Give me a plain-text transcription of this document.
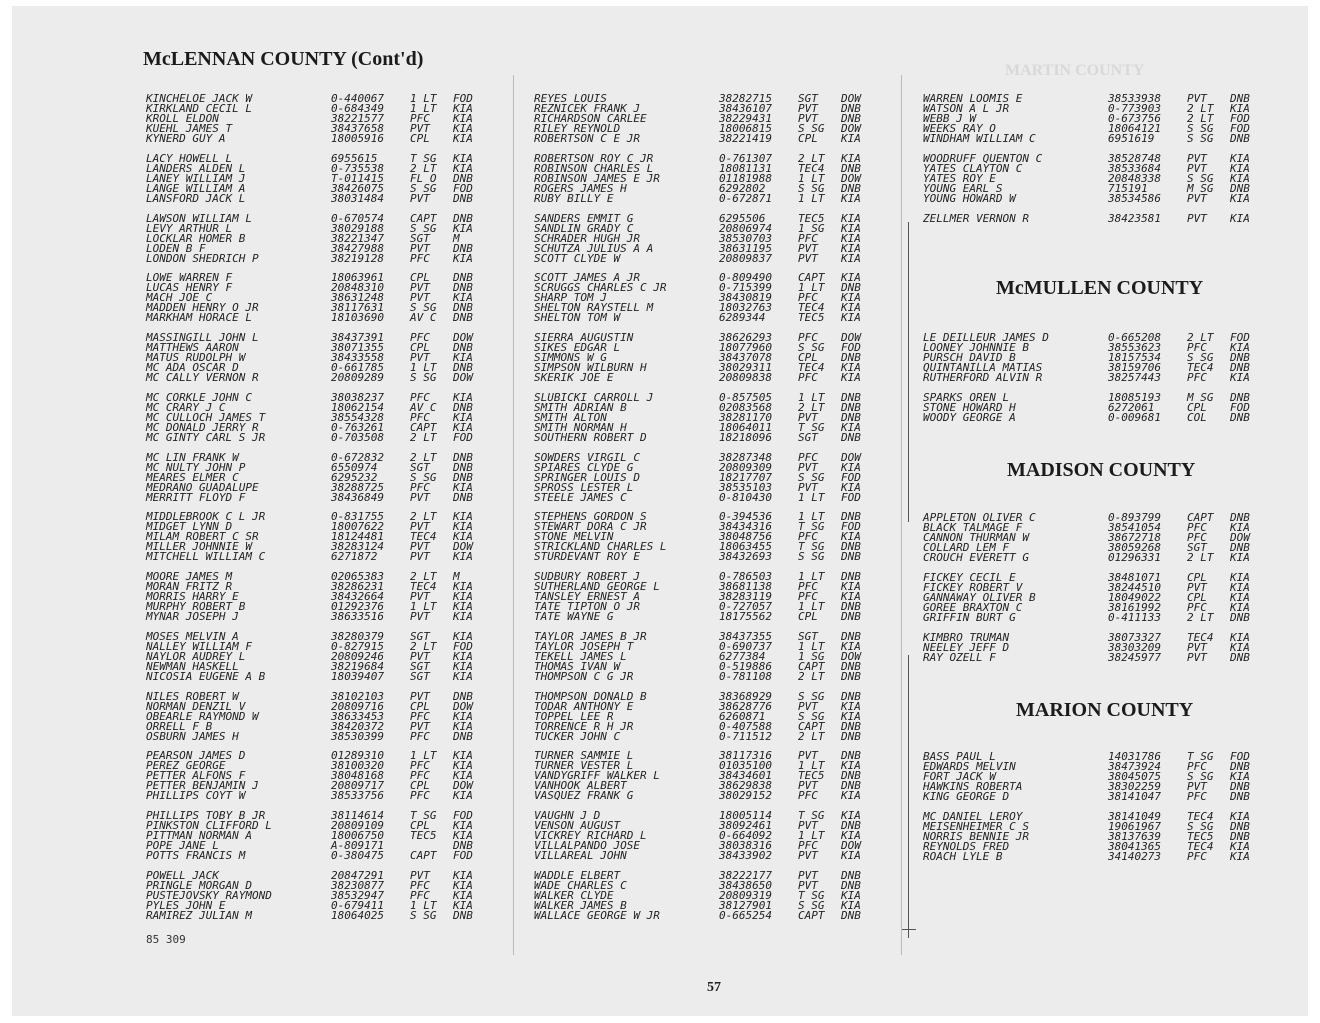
MARTIN COUNTY
McLENNAN COUNTY (Cont'd)
McMULLEN COUNTY
MADISON COUNTY
MARION COUNTY
KINCHELOE JACK W	0-440067 1 LT FOD
KIRKLAND CECIL L	0-684349 1 LT KIA
KROLL ELDON	38221577 PFC KIA
KUEHL JAMES T	38437658 PVT KIA
KYNERD GUY A	18005916 CPL KIA
LACY HOWELL L	6955615	T SG KIA
LANDERS ALDEN L	0-735538 2 LT KIA
LANEY WILLIAM J	T-011415 FL O DNB
LANGE WILLIAM A	38426075 S SG FOD
LANSFORD JACK L	38031484 PVT DNB
LAWSON WILLIAM L	0-670574 CAPT DNB
LEVY ARTHUR L	38029188 S SG KIA
LOCKLAR HOMER B	38221347 SGT M
LODEN B F	38427988 PVT DNB
LONDON SHEDRICH P	38219128 PFC KIA
LOWE WARREN F	18063961 CPL DNB
LUCAS HENRY F	20848310 PVT DNB
MACH JOE C	38631248 PVT KIA
MADDEN HENRY O JR	38117631 S SG DNB
MARKHAM HORACE L	18103690 AV C DNB
MASSINGILL JOHN L	38437391 PFC DOW
MATTHEWS AARON	38071355 CPL DNB
MATUS RUDOLPH W	38433558 PVT KIA
MC ADA OSCAR D	0-661785 1 LT DNB
MC CALLY VERNON R	20809289 S SG DOW
MC CORKLE JOHN C	38038237 PFC KIA
MC CRARY J C	18062154 AV C DNB
MC CULLOCH JAMES T	38554328 PFC KIA
MC DONALD JERRY R	0-763261 CAPT KIA
MC GINTY CARL S JR	0-703508 2 LT FOD
MC LIN FRANK W	0-672832 2 LT DNB
MC NULTY JOHN P	6550974	SGT DNB
MEARES ELMER C	6295232	S SG DNB
MEDRANO GUADALUPE	38288725 PFC KIA
MERRITT FLOYD F	38436849 PVT DNB
MIDDLEBROOK C L JR	0-831755 2 LT KIA
MIDGET LYNN D	18007622 PVT KIA
MILAM ROBERT C SR	18124481 TEC4 KIA
MILLER JOHNNIE W	38283124 PVT DOW
MITCHELL WILLIAM C	6271872	PVT KIA
MOORE JAMES M	02065383 2 LT M
MORAN FRITZ R	38286231 TEC4 KIA
MORRIS HARRY E	38432664 PVT KIA
MURPHY ROBERT B	01292376 1 LT KIA
MYNAR JOSEPH J	38633516 PVT KIA
MOSES MELVIN A	38280379 SGT KIA
NALLEY WILLIAM F	0-827915 2 LT FOD
NAYLOR AUDREY L	20809246 PVT KIA
NEWMAN HASKELL	38219684 SGT KIA
NICOSIA EUGENE A B	18039407 SGT KIA
NILES ROBERT W	38102103 PVT DNB
NORMAN DENZIL V	20809716 CPL DOW
OBEARLE RAYMOND W	38633453 PFC KIA
ORRELL F B	38420372 PVT KIA
OSBURN JAMES H	38530399 PFC DNB
PEARSON JAMES D	01289310 1 LT KIA
PEREZ GEORGE	38100320 PFC KIA
PETTER ALFONS F	38048168 PFC KIA
PETTER BENJAMIN J	20809717 CPL DOW
PHILLIPS COYT W	38533756 PFC KIA
PHILLIPS TOBY B JR	38114614 T SG FOD
PINKSTON CLIFFORD L	20809109 CPL KIA
PITTMAN NORMAN A	18006750 TEC5 KIA
POPE JANE L	A-809171	DNB
POTTS FRANCIS M	0-380475 CAPT FOD
POWELL JACK	20847291 PVT KIA
PRINGLE MORGAN D	38230877 PFC KIA
PUSTEJOVSKY RAYMOND	38532947 PFC KIA
PYLES JOHN E	0-679411 1 LT KIA
RAMIREZ JULIAN M	18064025 S SG DNB
REYES LOUIS	38282715 SGT DOW
REZNICEK FRANK J	38436107 PVT DNB
RICHARDSON CARLEE	38229431 PVT DNB
RILEY REYNOLD	18006815 S SG DOW
ROBERTSON C E JR	38221419 CPL KIA
ROBERTSON ROY C JR	0-761307 2 LT KIA
ROBINSON CHARLES L	18081131 TEC4 DNB
ROBINSON JAMES E JR	01181988 1 LT DOW
ROGERS JAMES H	6292802	S SG DNB
RUBY BILLY E	0-672871 1 LT KIA
SANDERS EMMIT G	6295506	TEC5 KIA
SANDLIN GRADY C	20806974 1 SG KIA
SCHRADER HUGH JR	38530703 PFC KIA
SCHUTZA JULIUS A A	38631195 PVT KIA
SCOTT CLYDE W	20809837 PVT KIA
SCOTT JAMES A JR	0-809490 CAPT KIA
SCRUGGS CHARLES C JR	0-715399 1 LT DNB
SHARP TOM J	38430819 PFC KIA
SHELTON RAYSTELL M	18032763 TEC4 KIA
SHELTON TOM W	6289344	TEC5 KIA
SIERRA AUGUSTIN	38626293 PFC DOW
SIKES EDGAR L	18077960 S SG FOD
SIMMONS W G	38437078 CPL DNB
SIMPSON WILBURN H	38029311 TEC4 KIA
SKERIK JOE E	20809838 PFC KIA
SLUBICKI CARROLL J	0-857505 1 LT DNB
SMITH ADRIAN B	02083568 2 LT DNB
SMITH ALTON	38281170 PVT DNB
SMITH NORMAN H	18064011 T SG KIA
SOUTHERN ROBERT D	18218096 SGT DNB
SOWDERS VIRGIL C	38287348 PFC DOW
SPIARES CLYDE G	20809309 PVT KIA
SPRINGER LOUIS D	18217707 S SG FOD
SPROSS LESTER L	38535103 PVT KIA
STEELE JAMES C	0-810430 1 LT FOD
STEPHENS GORDON S	0-394536 1 LT DNB
STEWART DORA C JR	38434316 T SG FOD
STONE MELVIN	38048756 PFC KIA
STRICKLAND CHARLES L	18063455 T SG DNB
STURDEVANT ROY E	38432693 S SG DNB
SUDBURY ROBERT J	0-786503 1 LT DNB
SUTHERLAND GEORGE L	38681138 PFC KIA
TANSLEY ERNEST A	38283119 PFC KIA
TATE TIPTON O JR	0-727057 1 LT DNB
TATE WAYNE G	18175562 CPL DNB
TAYLOR JAMES B JR	38437355 SGT DNB
TAYLOR JOSEPH T	0-690737 1 LT KIA
TEKELL JAMES L	6277384	1 SG DOW
THOMAS IVAN W	0-519886 CAPT DNB
THOMPSON C G JR	0-781108 2 LT DNB
THOMPSON DONALD B	38368929 S SG DNB
TODAR ANTHONY E	38628776 PVT KIA
TOPPEL LEE R	6260871	S SG KIA
TORRENCE R H JR	0-407588 CAPT DNB
TUCKER JOHN C	0-711512 2 LT DNB
TURNER SAMMIE L	38117316 PVT DNB
TURNER VESTER L	01035100 1 LT KIA
VANDYGRIFF WALKER L	38434601 TEC5 DNB
VANHOOK ALBERT	38629838 PVT DNB
VASQUEZ FRANK G	38029152 PFC KIA
VAUGHN J D	18005114 T SG KIA
VENSON AUGUST	38092461 PVT DNB
VICKREY RICHARD L	0-664092 1 LT KIA
VILLALPANDO JOSE	38038316 PFC DOW
VILLAREAL JOHN	38433902 PVT KIA
WADDLE ELBERT	38222177 PVT DNB
WADE CHARLES C	38438650 PVT DNB
WALKER CLYDE	20809319 T SG KIA
WALKER JAMES B	38127901 S SG KIA
WALLACE GEORGE W JR	0-665254 CAPT DNB
WARREN LOOMIS E	38533938 PVT DNB
WATSON A L JR	0-773903 2 LT KIA
WEBB J W	0-673756 2 LT FOD
WEEKS RAY O	18064121 S SG FOD
WINDHAM WILLIAM C	6951619	S SG DNB
WOODRUFF QUENTON C	38528748 PVT KIA
YATES CLAYTON C	38533684 PVT KIA
YATES ROY E	20848338 S SG KIA
YOUNG EARL S	715191	M SG DNB
YOUNG HOWARD W	38534586 PVT KIA
ZELLMER VERNON R	38423581 PVT KIA
LE DEILLEUR JAMES D	0-665208 2 LT FOD
LOONEY JOHNNIE B	38553623 PFC KIA
PURSCH DAVID B	18157534 S SG DNB
QUINTANILLA MATIAS	38159706 TEC4 DNB
RUTHERFORD ALVIN R	38257443 PFC KIA
SPARKS OREN L	18085193 M SG DNB
STONE HOWARD H	6272061	CPL FOD
WOODY GEORGE A	0-009681 COL DNB
APPLETON OLIVER C	0-893799 CAPT DNB
BLACK TALMAGE F	38541054 PFC KIA
CANNON THURMAN W	38672718 PFC DOW
COLLARD LEM F	38059268 SGT DNB
CROUCH EVERETT G	01296331 2 LT KIA
FICKEY CECIL E	38481071 CPL KIA
FICKEY ROBERT V	38244510 PVT KIA
GANNAWAY OLIVER B	18049022 CPL KIA
GOREE BRAXTON C	38161992 PFC KIA
GRIFFIN BURT G	0-411133 2 LT DNB
KIMBRO TRUMAN	38073327 TEC4 KIA
NEELEY JEFF D	38303209 PVT KIA
RAY OZELL F	38245977 PVT DNB
BASS PAUL L	14031786 T SG FOD
EDWARDS MELVIN	38473924 PFC DNB
FORT JACK W	38045075 S SG KIA
HAWKINS ROBERTA	38302259 PVT DNB
KING GEORGE D	38141047 PFC DNB
MC DANIEL LEROY	38141049 TEC4 KIA
MEISENHEIMER C S	19061967 S SG DNB
NORRIS BENNIE JR	38137639 TEC5 DNB
REYNOLDS FRED	38041365 TEC4 KIA
ROACH LYLE B	34140273 PFC KIA
85 309
57
